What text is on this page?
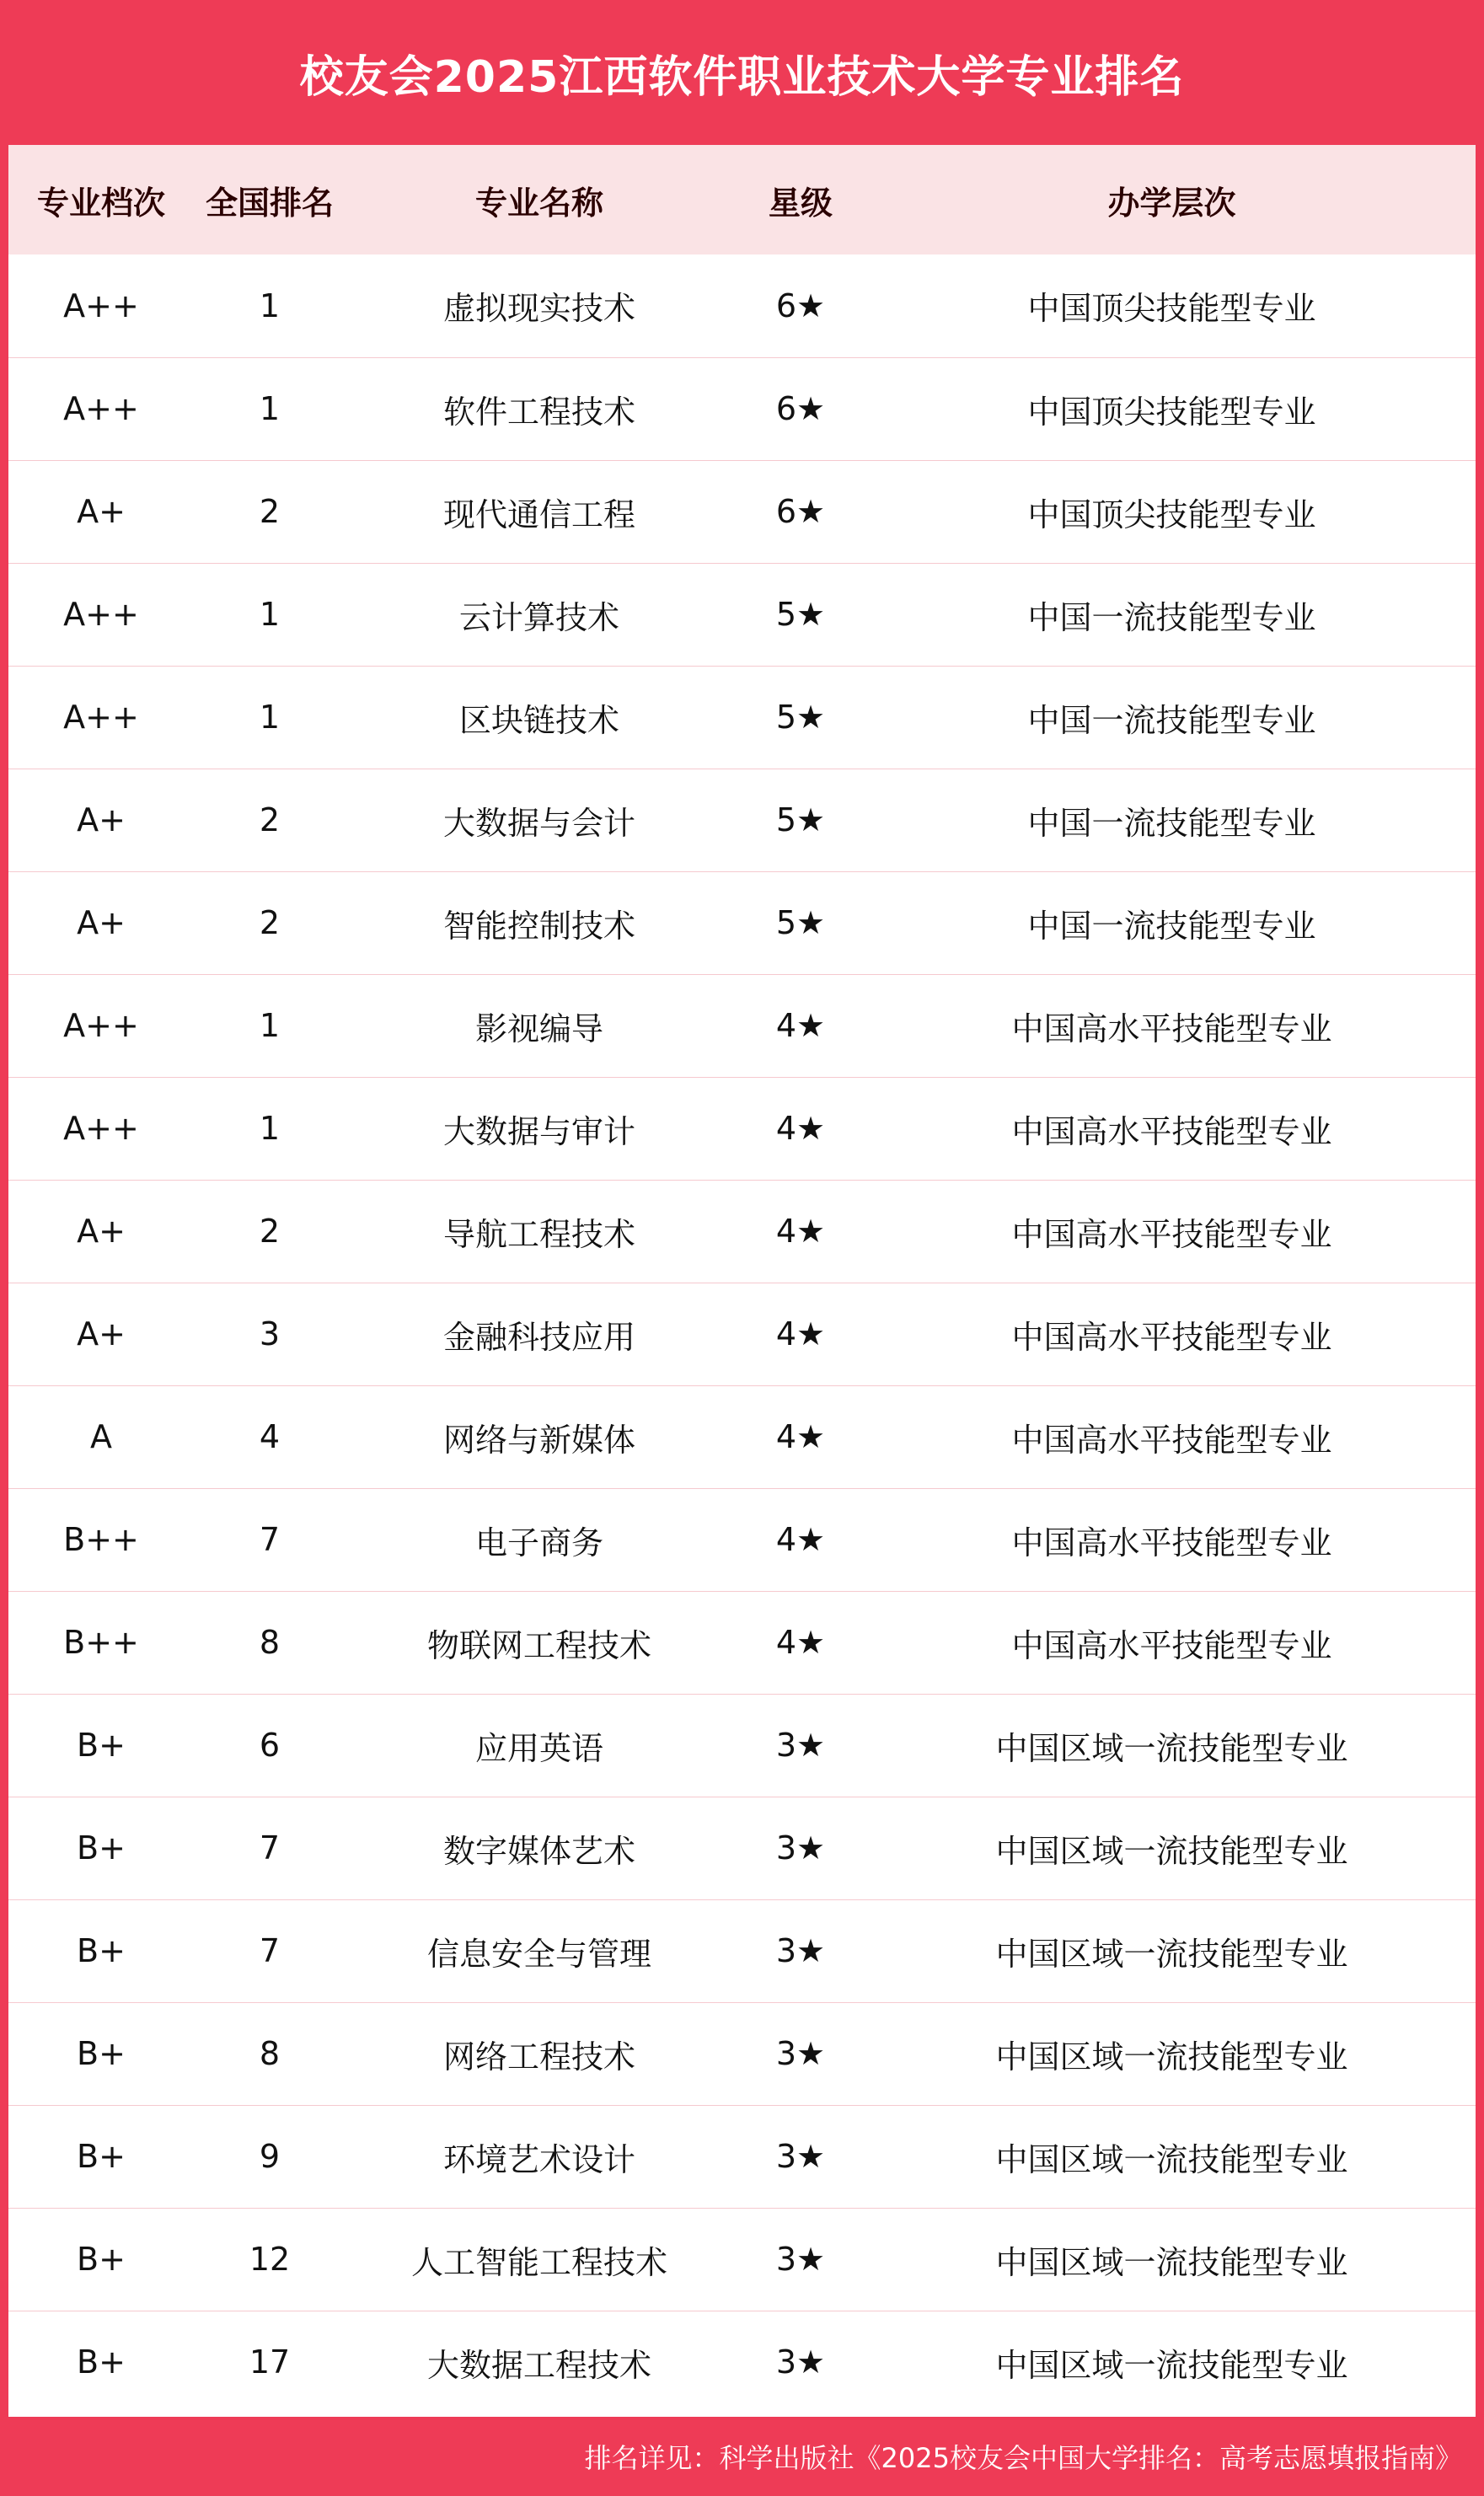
校友会2025江西软件职业技术大学专业排名
专业档次	全国排名	专业名称	星级	办学层次
A++	1	虚拟现实技术	6★	中国顶尖技能型专业
A++	1	软件工程技术	6★	中国顶尖技能型专业
A+	2	现代通信工程	6★	中国顶尖技能型专业
A++	1	云计算技术	5★	中国一流技能型专业
A++	1	区块链技术	5★	中国一流技能型专业
A+	2	大数据与会计	5★	中国一流技能型专业
A+	2	智能控制技术	5★	中国一流技能型专业
A++	1	影视编导	4★	中国高水平技能型专业
A++	1	大数据与审计	4★	中国高水平技能型专业
A+	2	导航工程技术	4★	中国高水平技能型专业
A+	3	金融科技应用	4★	中国高水平技能型专业
A	4	网络与新媒体	4★	中国高水平技能型专业
B++	7	电子商务	4★	中国高水平技能型专业
B++	8	物联网工程技术	4★	中国高水平技能型专业
B+	6	应用英语	3★	中国区域一流技能型专业
B+	7	数字媒体艺术	3★	中国区域一流技能型专业
B+	7	信息安全与管理	3★	中国区域一流技能型专业
B+	8	网络工程技术	3★	中国区域一流技能型专业
B+	9	环境艺术设计	3★	中国区域一流技能型专业
B+	12	人工智能工程技术	3★	中国区域一流技能型专业
B+	17	大数据工程技术	3★	中国区域一流技能型专业
排名详见：科学出版社《2025校友会中国大学排名：高考志愿填报指南》
